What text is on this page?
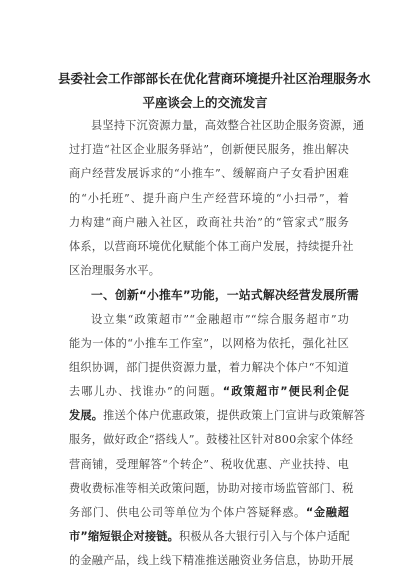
县委社会工作部部长在优化营商环境提升社区治理服务水
平座谈会上的交流发言
县坚持下沉资源力量，高效整合社区助企服务资源，通
过打造“社区企业服务驿站”，创新便民服务，推出解决
商户经营发展诉求的“小推车”、缓解商户子女看护困难
的“小托班”、提升商户生产经营环境的“小扫帚”，着
力构建“商户融入社区，政商社共治”的“管家式”服务
体系，以营商环境优化赋能个体工商户发展，持续提升社
区治理服务水平。
一、创新“小推车”功能，一站式解决经营发展所需
设立集“政策超市”“金融超市”“综合服务超市”功
能为一体的“小推车工作室”，以网格为依托，强化社区
组织协调，部门提供资源力量，着力解决个体户“不知道
去哪儿办、找谁办”的问题。“政策超市”便民利企促
发展。推送个体户优惠政策，提供政策上门宣讲与政策解答
服务，做好政企“搭线人”。鼓楼社区针对800余家个体经
营商铺，受理解答“个转企”、税收优惠、产业扶持、电
费收费标准等相关政策问题，协助对接市场监管部门、税
务部门、供电公司等单位为个体户答疑释惑。“金融超
市”缩短银企对接链。积极从各大银行引入与个体户适配
的金融产品，线上线下精准推送融资业务信息，协助开展
